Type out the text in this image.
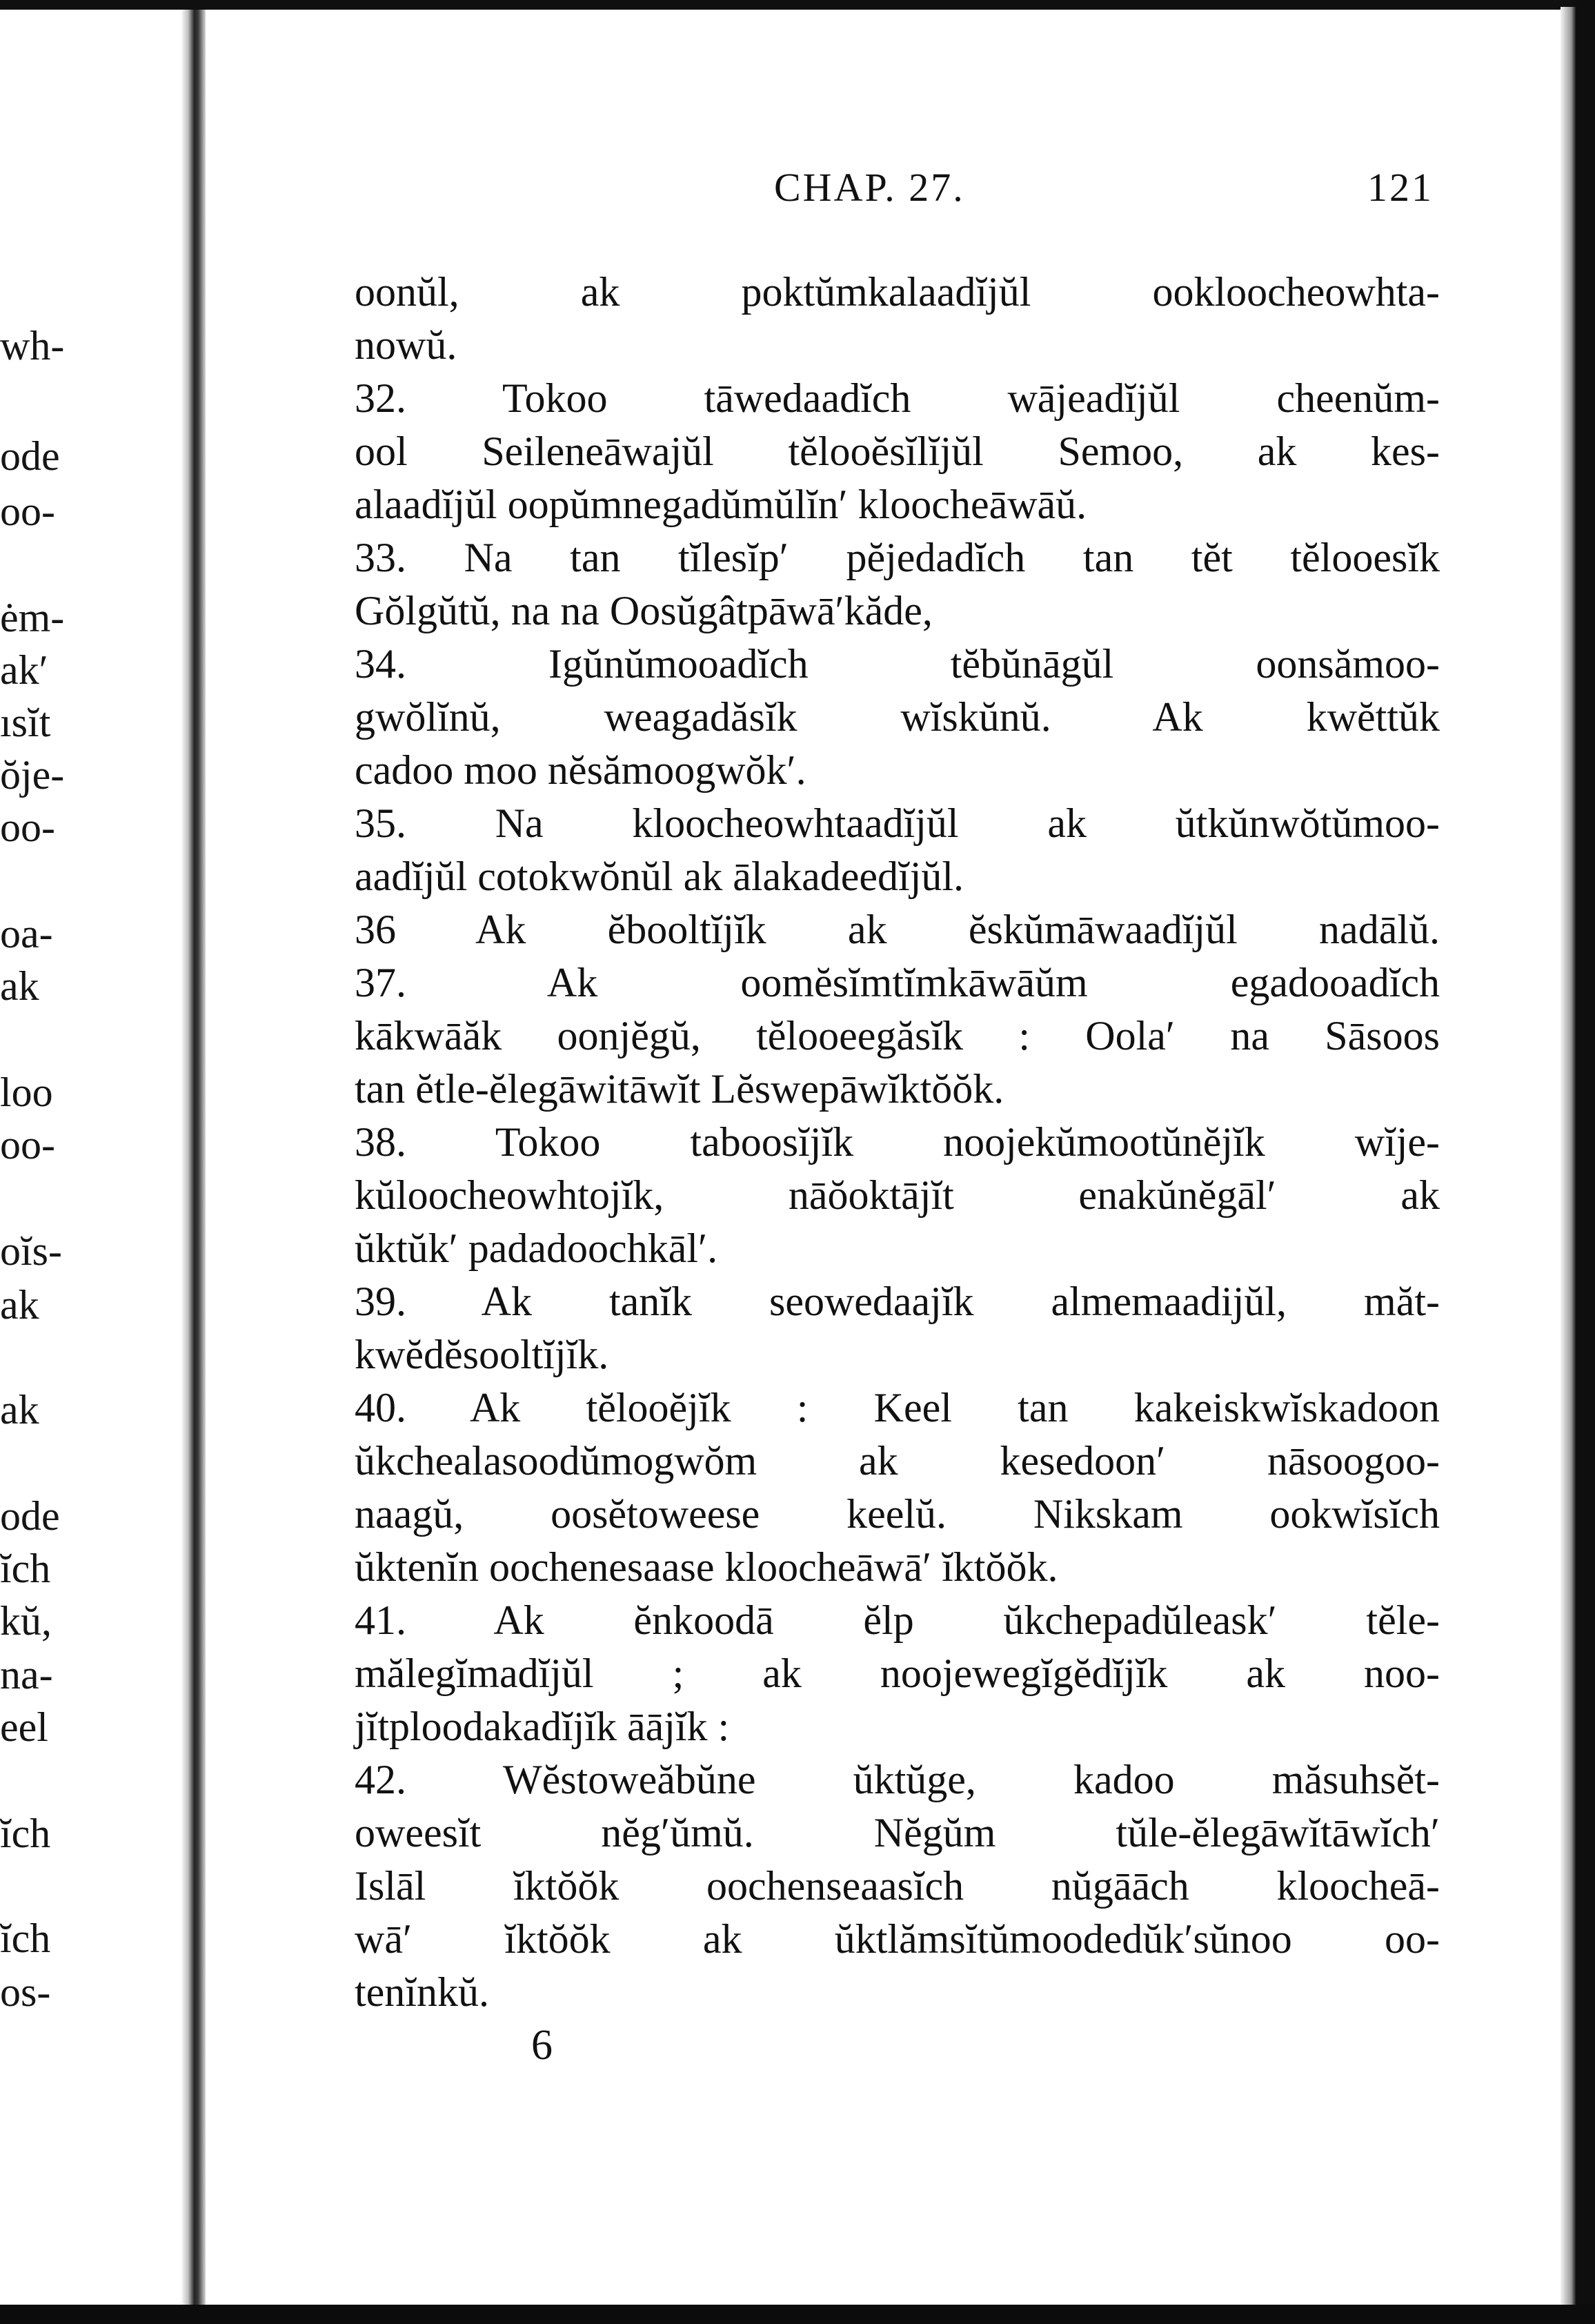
wh-
ode
oo-
ėm-
ak′
ısĭt
ŏje-
oo-
oa-
ak
loo
oo-
oĭs-
ak
ak
ode
ĭch
kŭ,
na-
eel
ĭch
ĭch
os-
CHAP. 27.	121
oonŭl, ak poktŭmkalaadĭjŭl ookloocheowhta-
nowŭ.
32. Tokoo tāwedaadĭch wājeadĭjŭl cheenŭm-
ool Seileneāwajŭl tĕlooĕsĭlĭjŭl Semoo, ak kes-
alaadĭjŭl oopŭmnegadŭmŭlĭn′ kloocheāwāŭ.
33. Na tan tĭlesĭp′ pĕjedadĭch tan tĕt tĕlooesĭk
Gŏlgŭtŭ, na na Oosŭgâtpāwā′kăde,
34. Igŭnŭmooadĭch tĕbŭnāgŭl oonsămoo-
gwŏlĭnŭ, weagadăsĭk wĭskŭnŭ. Ak kwĕttŭk
cadoo moo nĕsămoogwŏk′.
35. Na kloocheowhtaadĭjŭl ak ŭtkŭnwŏtŭmoo-
aadĭjŭl cotokwŏnŭl ak ālakadeedĭjŭl.
36 Ak ĕbooltĭjĭk ak ĕskŭmāwaadĭjŭl nadālŭ.
37. Ak oomĕsĭmtĭmkāwāŭm egadooadĭch
kākwāăk oonjĕgŭ, tĕlooeegăsĭk : Oola′ na Sāsoos
tan ĕtle-ĕlegāwitāwĭt Lĕswepāwĭktŏŏk.
38. Tokoo taboosĭjĭk noojekŭmootŭnĕjĭk wĭje-
kŭloocheowhtojĭk, nāŏoktājĭt enakŭnĕgāl′ ak
ŭktŭk′ padadoochkāl′.
39. Ak tanĭk seowedaajĭk almemaadijŭl, măt-
kwĕdĕsooltĭjĭk.
40. Ak tĕlooĕjĭk : Keel tan kakeiskwĭskadoon
ŭkchealasoodŭmogwŏm ak kesedoon′ nāsoogoo-
naagŭ, oosĕtoweese keelŭ. Nikskam ookwĭsĭch
ŭktenĭn oochenesaase kloocheāwā′ ĭktŏŏk.
41. Ak ĕnkoodā ĕlp ŭkchepadŭleask′ tĕle-
mălegĭmadĭjŭl ; ak noojewegĭgĕdĭjĭk ak noo-
jĭtploodakadĭjĭk āājĭk :
42. Wĕstoweăbŭne ŭktŭge, kadoo măsuhsĕt-
oweesĭt nĕg′ŭmŭ. Nĕgŭm tŭle-ĕlegāwĭtāwĭch′
Islāl ĭktŏŏk oochenseaasĭch nŭgāāch kloocheā-
wā′ ĭktŏŏk ak ŭktlămsĭtŭmoodedŭk′sŭnoo oo-
tenĭnkŭ.
6
